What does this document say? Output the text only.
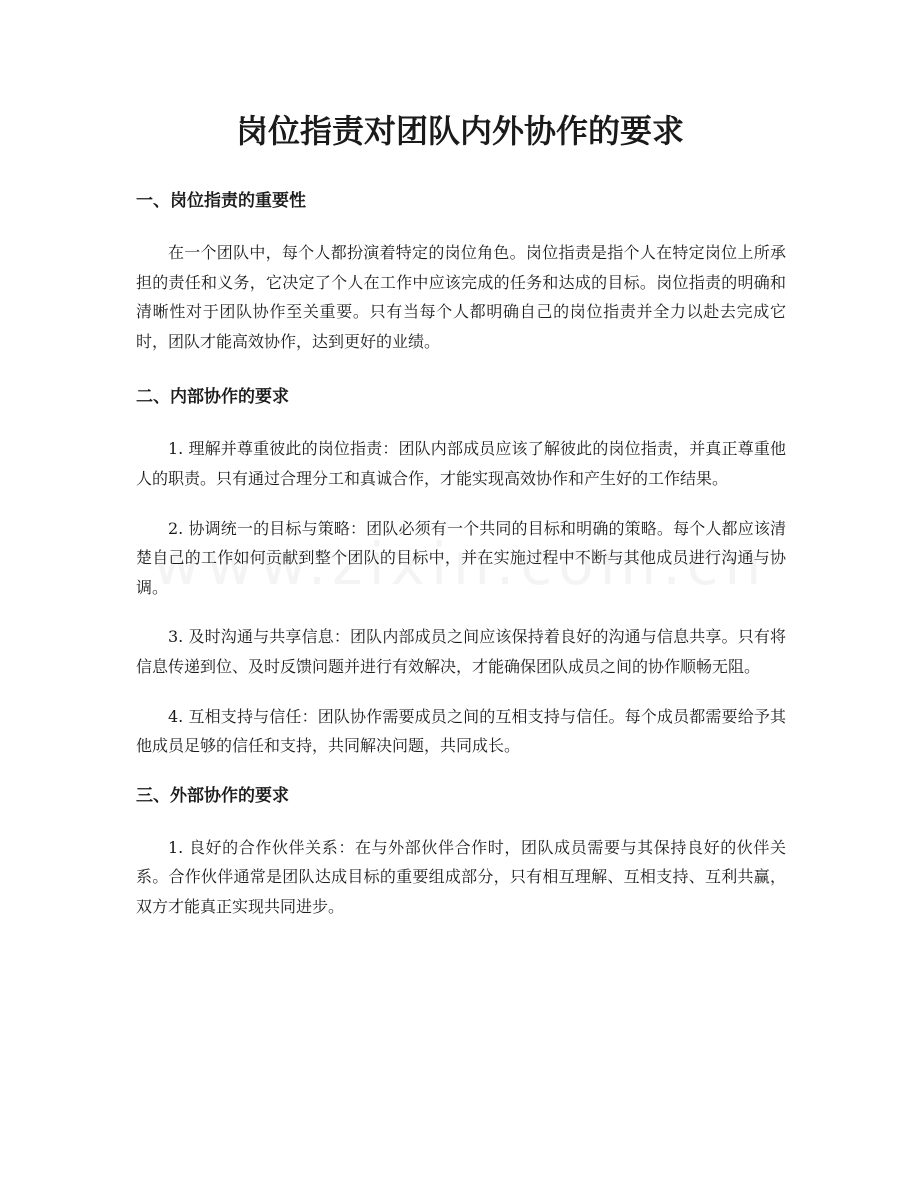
岗位指责对团队内外协作的要求
一、岗位指责的重要性

在一个团队中，每个人都扮演着特定的岗位角色。岗位指责是指个人在特定岗位上所承担的责任和义务，它决定了个人在工作中应该完成的任务和达成的目标。岗位指责的明确和清晰性对于团队协作至关重要。只有当每个人都明确自己的岗位指责并全力以赴去完成它时，团队才能高效协作，达到更好的业绩。

二、内部协作的要求

1. 理解并尊重彼此的岗位指责：团队内部成员应该了解彼此的岗位指责，并真正尊重他人的职责。只有通过合理分工和真诚合作，才能实现高效协作和产生好的工作结果。

2. 协调统一的目标与策略：团队必须有一个共同的目标和明确的策略。每个人都应该清楚自己的工作如何贡献到整个团队的目标中，并在实施过程中不断与其他成员进行沟通与协调。

3. 及时沟通与共享信息：团队内部成员之间应该保持着良好的沟通与信息共享。只有将信息传递到位、及时反馈问题并进行有效解决，才能确保团队成员之间的协作顺畅无阻。

4. 互相支持与信任：团队协作需要成员之间的互相支持与信任。每个成员都需要给予其他成员足够的信任和支持，共同解决问题，共同成长。

三、外部协作的要求

1. 良好的合作伙伴关系：在与外部伙伴合作时，团队成员需要与其保持良好的伙伴关系。合作伙伴通常是团队达成目标的重要组成部分，只有相互理解、互相支持、互利共赢，双方才能真正实现共同进步。
